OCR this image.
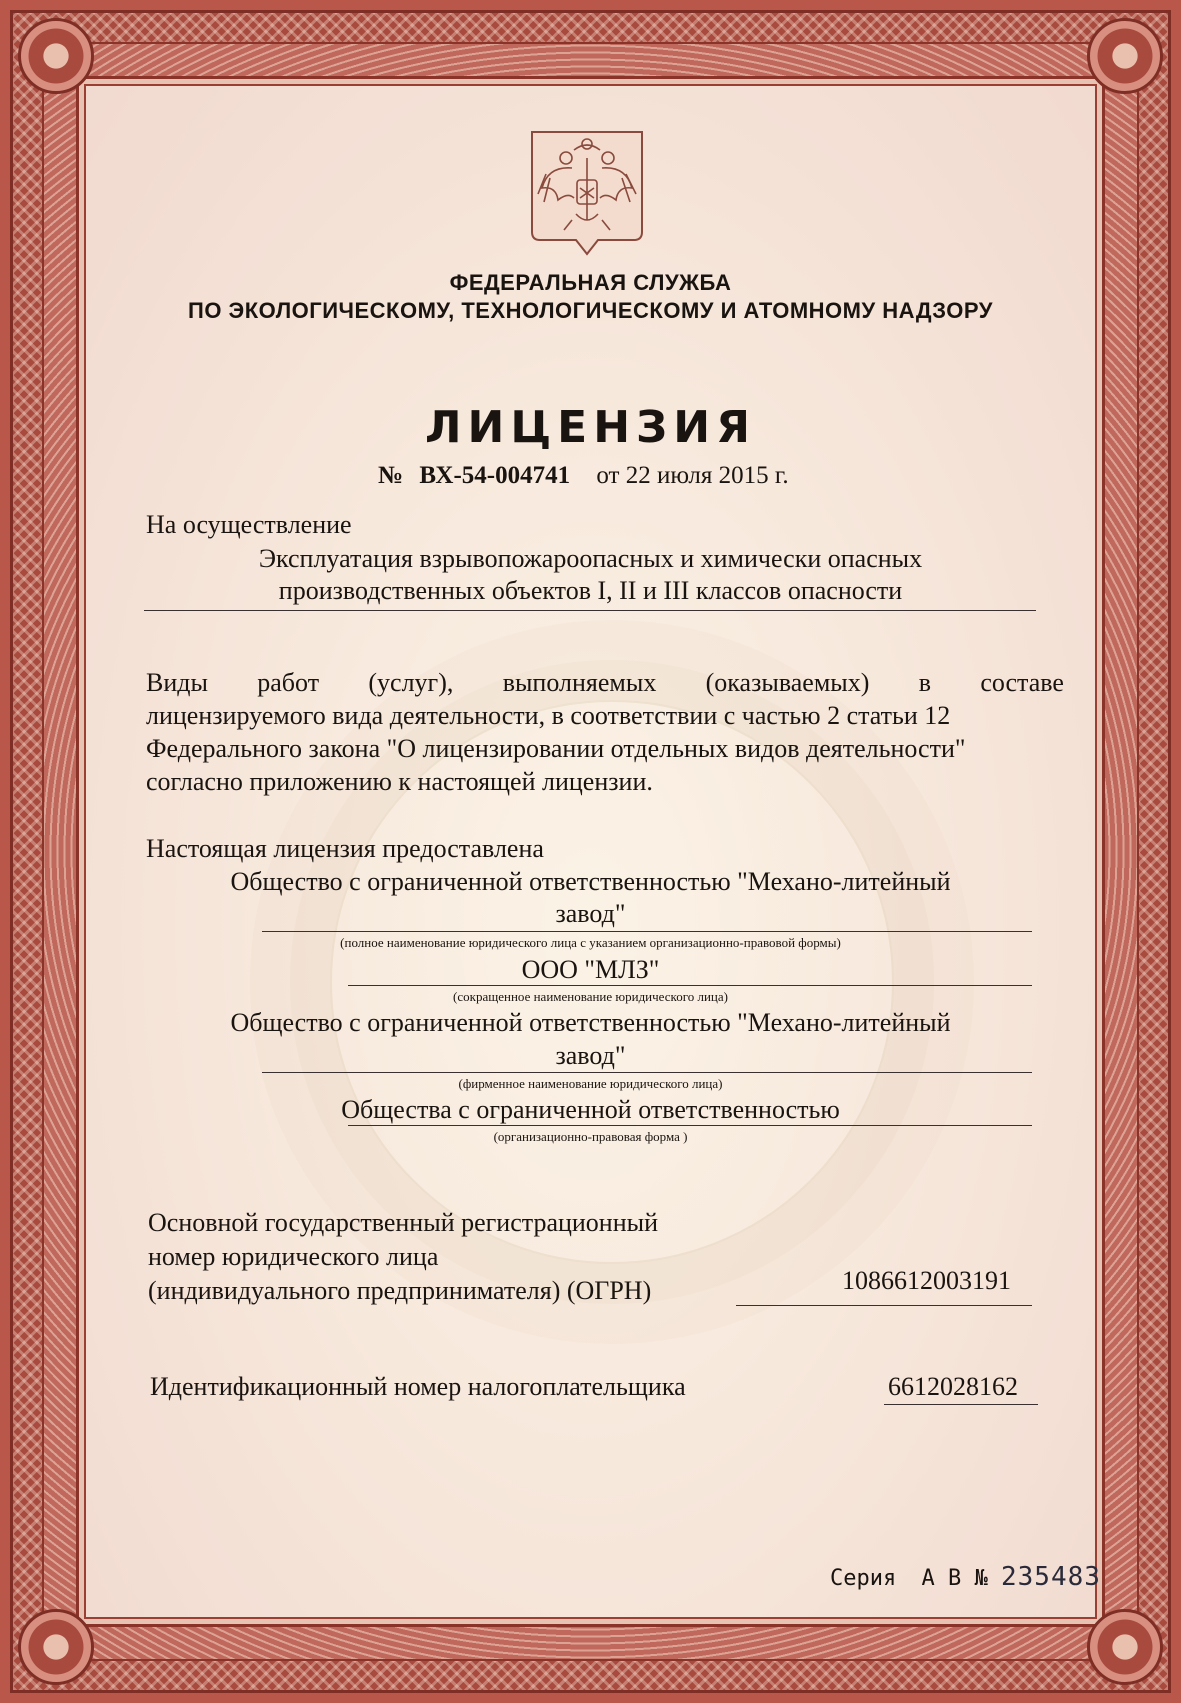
ФЕДЕРАЛЬНАЯ СЛУЖБА
ПО ЭКОЛОГИЧЕСКОМУ, ТЕХНОЛОГИЧЕСКОМУ И АТОМНОМУ НАДЗОРУ
ЛИЦЕНЗИЯ
№ ВХ-54-004741 от 22 июля 2015 г.
На осуществление
Эксплуатация взрывопожароопасных и химически опасных
производственных объектов I, II и III классов опасности
Виды работ (услуг), выполняемых (оказываемых) в составе
лицензируемого вида деятельности, в соответствии с частью 2 статьи 12
Федерального закона "О лицензировании отдельных видов деятельности"
согласно приложению к настоящей лицензии.
Настоящая лицензия предоставлена
Общество с ограниченной ответственностью "Механо-литейный
завод"
(полное наименование юридического лица с указанием организационно-правовой формы)
ООО "МЛЗ"
(сокращенное наименование юридического лица)
Общество с ограниченной ответственностью "Механо-литейный
завод"
(фирменное наименование юридического лица)
Общества с ограниченной ответственностью
(организационно-правовая форма )
Основной государственный регистрационный
номер юридического лица
(индивидуального предпринимателя) (ОГРН)	1086612003191
Идентификационный номер налогоплательщика	6612028162
Серия А В № 235483
